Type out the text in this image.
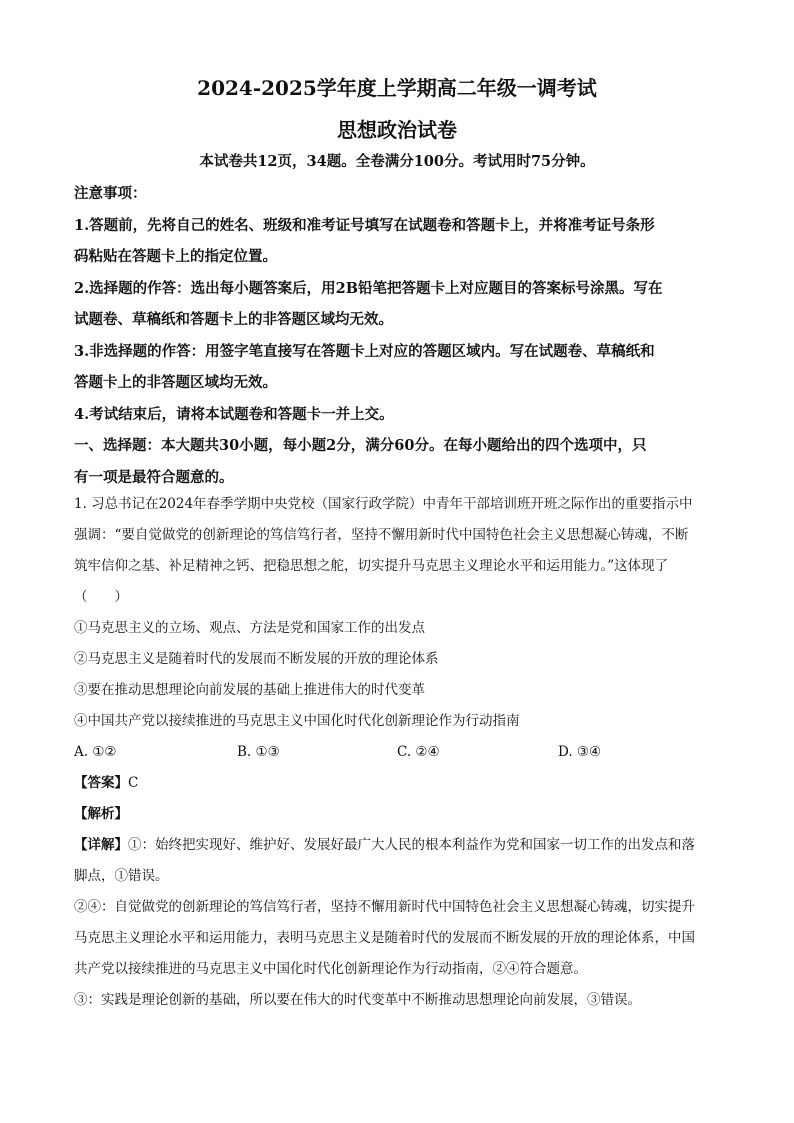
2024-2025学年度上学期高二年级一调考试
思想政治试卷
本试卷共12页，34题。全卷满分100分。考试用时75分钟。

注意事项：

1.答题前，先将自己的姓名、班级和准考证号填写在试题卷和答题卡上，并将准考证号条形

码粘贴在答题卡上的指定位置。

2.选择题的作答：选出每小题答案后，用2B铅笔把答题卡上对应题目的答案标号涂黑。写在

试题卷、草稿纸和答题卡上的非答题区域均无效。

3.非选择题的作答：用签字笔直接写在答题卡上对应的答题区域内。写在试题卷、草稿纸和

答题卡上的非答题区域均无效。

4.考试结束后，请将本试题卷和答题卡一并上交。

一、选择题：本大题共30小题，每小题2分，满分60分。在每小题给出的四个选项中，只

有一项是最符合题意的。

1. 习总书记在2024年春季学期中央党校（国家行政学院）中青年干部培训班开班之际作出的重要指示中

强调：“要自觉做党的创新理论的笃信笃行者，坚持不懈用新时代中国特色社会主义思想凝心铸魂，不断

筑牢信仰之基、补足精神之钙、把稳思想之舵，切实提升马克思主义理论水平和运用能力。”这体现了

（　　）

①马克思主义的立场、观点、方法是党和国家工作的出发点

②马克思主义是随着时代的发展而不断发展的开放的理论体系

③要在推动思想理论向前发展的基础上推进伟大的时代变革

④中国共产党以接续推进的马克思主义中国化时代化创新理论作为行动指南

A. ①②	B. ①③	C. ②④	D. ③④

【答案】C

【解析】

【详解】①：始终把实现好、维护好、发展好最广大人民的根本利益作为党和国家一切工作的出发点和落

脚点，①错误。

②④：自觉做党的创新理论的笃信笃行者，坚持不懈用新时代中国特色社会主义思想凝心铸魂，切实提升

马克思主义理论水平和运用能力，表明马克思主义是随着时代的发展而不断发展的开放的理论体系，中国

共产党以接续推进的马克思主义中国化时代化创新理论作为行动指南，②④符合题意。

③：实践是理论创新的基础，所以要在伟大的时代变革中不断推动思想理论向前发展，③错误。
